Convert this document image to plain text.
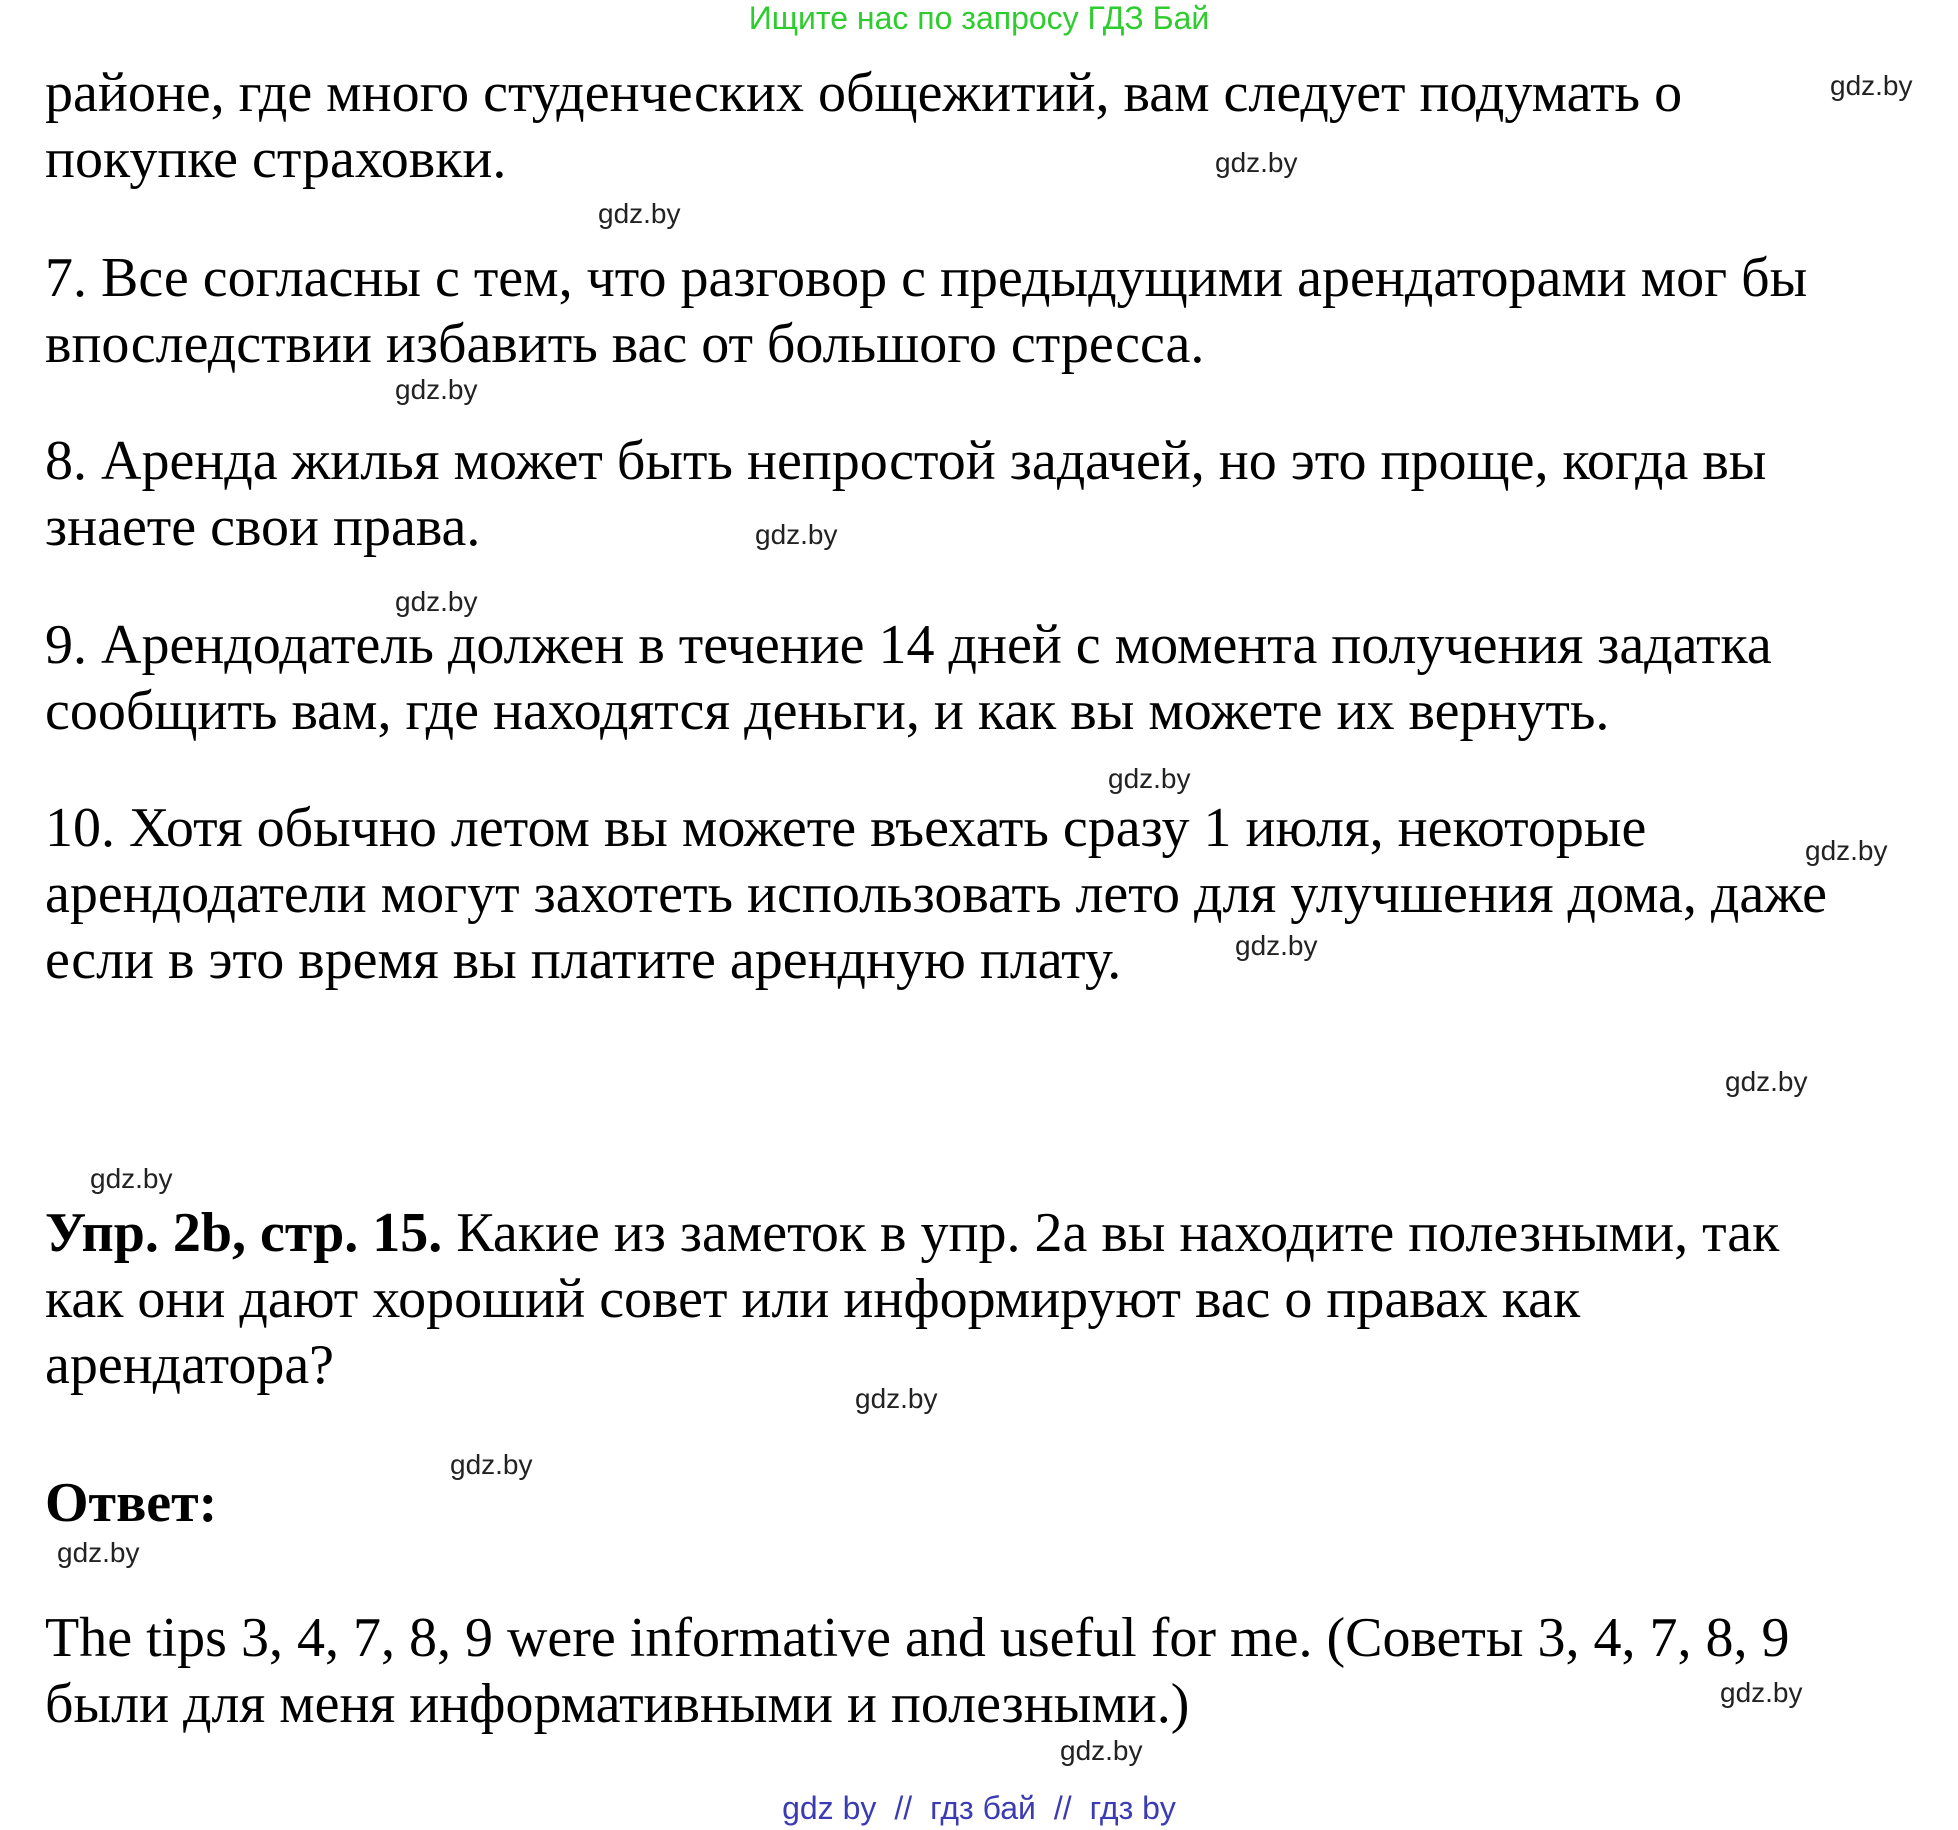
Ищите нас по запросу ГДЗ Бай

районе, где много студенческих общежитий, вам следует подумать о
покупке страховки.

7. Все согласны с тем, что разговор с предыдущими арендаторами мог бы
впоследствии избавить вас от большого стресса.

8. Аренда жилья может быть непростой задачей, но это проще, когда вы
знаете свои права.

9. Арендодатель должен в течение 14 дней с момента получения задатка
сообщить вам, где находятся деньги, и как вы можете их вернуть.

10. Хотя обычно летом вы можете въехать сразу 1 июля, некоторые
арендодатели могут захотеть использовать лето для улучшения дома, даже
если в это время вы платите арендную плату.

Упр. 2b, стр. 15. Какие из заметок в упр. 2а вы находите полезными, так
как они дают хороший совет или информируют вас о правах как
арендатора?

Ответ:

The tips 3, 4, 7, 8, 9 were informative and useful for me. (Советы 3, 4, 7, 8, 9
были для меня информативными и полезными.)

gdz.by
gdz.by
gdz.by
gdz.by
gdz.by
gdz.by
gdz.by
gdz.by
gdz.by
gdz.by
gdz.by
gdz.by
gdz.by
gdz.by
gdz.by
gdz.by
gdz by // гдз бай // гдз by
